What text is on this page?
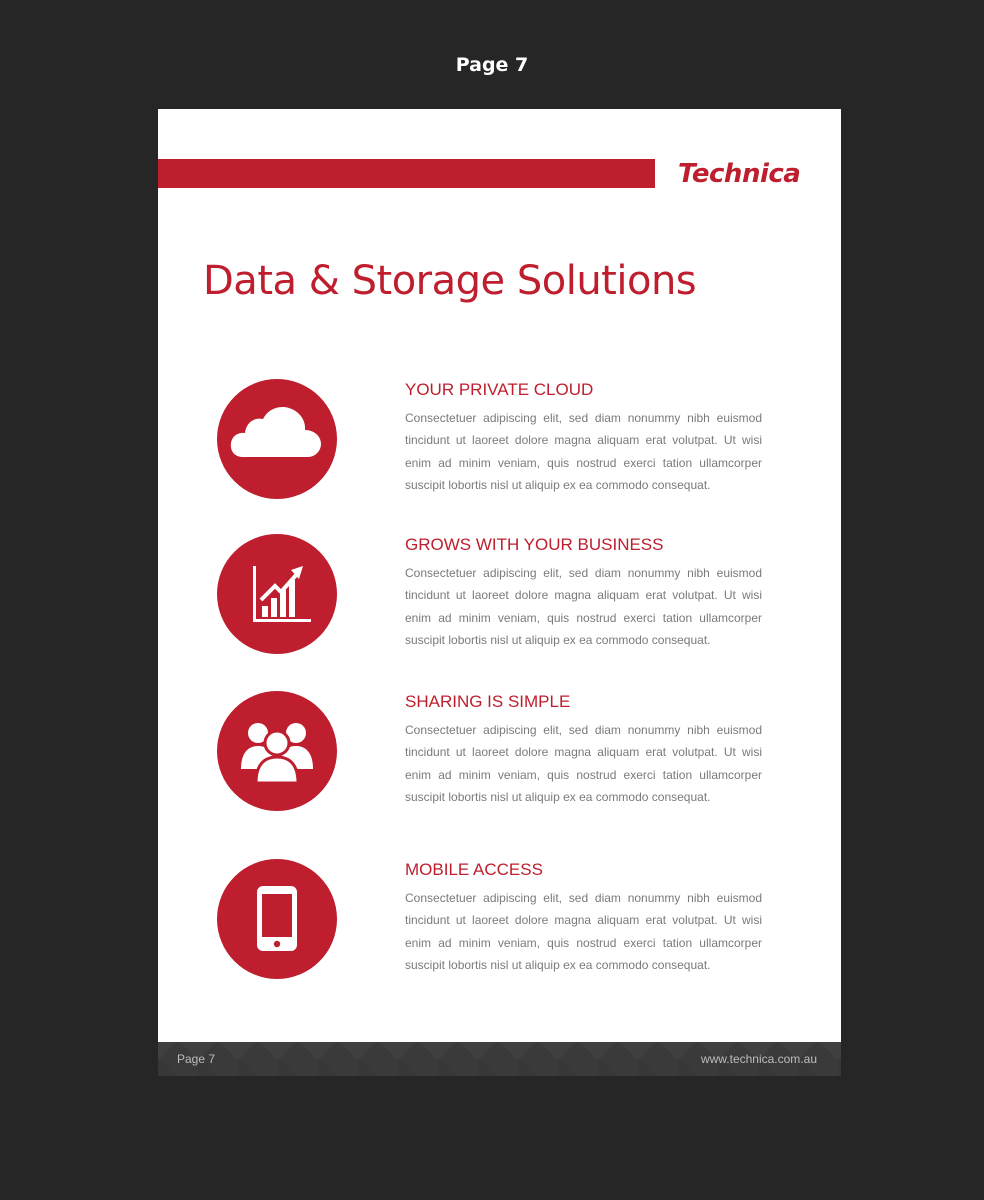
Page 7
Technica
Data & Storage Solutions
YOUR PRIVATE CLOUD

Consectetuer adipiscing elit, sed diam nonummy nibh euismod tincidunt ut laoreet dolore magna aliquam erat volutpat. Ut wisi enim ad minim veniam, quis nostrud exerci tation ullamcorper suscipit lobortis nisl ut aliquip ex ea commodo consequat.

GROWS WITH YOUR BUSINESS

Consectetuer adipiscing elit, sed diam nonummy nibh euismod tincidunt ut laoreet dolore magna aliquam erat volutpat. Ut wisi enim ad minim veniam, quis nostrud exerci tation ullamcorper suscipit lobortis nisl ut aliquip ex ea commodo consequat.

SHARING IS SIMPLE

Consectetuer adipiscing elit, sed diam nonummy nibh euismod tincidunt ut laoreet dolore magna aliquam erat volutpat. Ut wisi enim ad minim veniam, quis nostrud exerci tation ullamcorper suscipit lobortis nisl ut aliquip ex ea commodo consequat.

MOBILE ACCESS

Consectetuer adipiscing elit, sed diam nonummy nibh euismod tincidunt ut laoreet dolore magna aliquam erat volutpat. Ut wisi enim ad minim veniam, quis nostrud exerci tation ullamcorper suscipit lobortis nisl ut aliquip ex ea commodo consequat.

Page 7	www.technica.com.au
